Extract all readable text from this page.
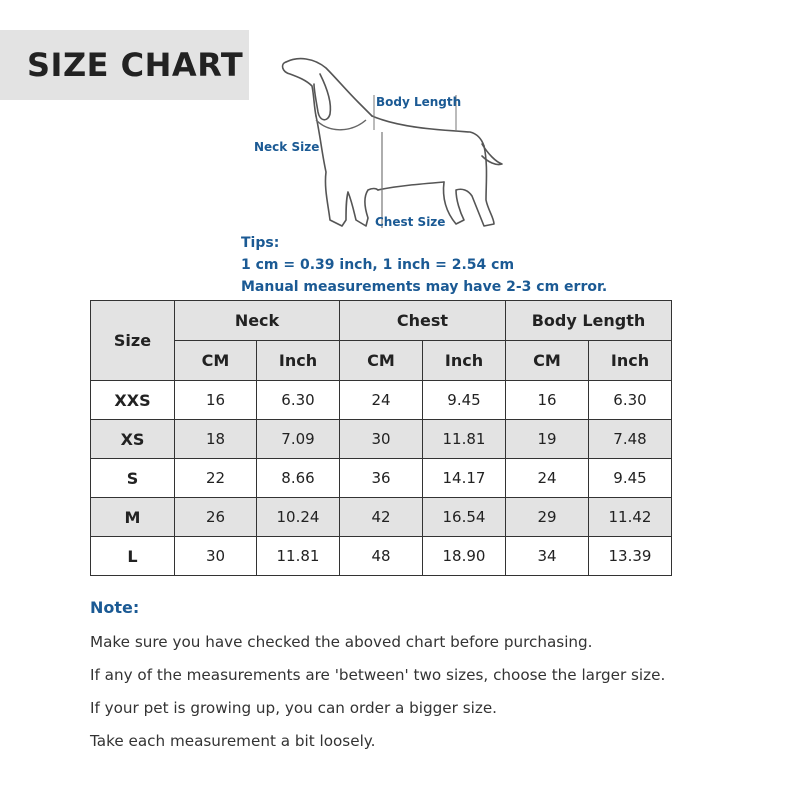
SIZE CHART
Body Length
Neck Size
Chest Size
Tips:
1 cm = 0.39 inch, 1 inch = 2.54 cm
Manual measurements may have 2-3 cm error.
Size	Neck		Chest		Body Length	
	CM	Inch	CM	Inch	CM	Inch
XXS	16	6.30	24	9.45	16	6.30
XS	18	7.09	30	11.81	19	7.48
S	22	8.66	36	14.17	24	9.45
M	26	10.24	42	16.54	29	11.42
L	30	11.81	48	18.90	34	13.39
Note:
Make sure you have checked the aboved chart before purchasing.
If any of the measurements are 'between' two sizes, choose the larger size.
If your pet is growing up, you can order a bigger size.
Take each measurement a bit loosely.
